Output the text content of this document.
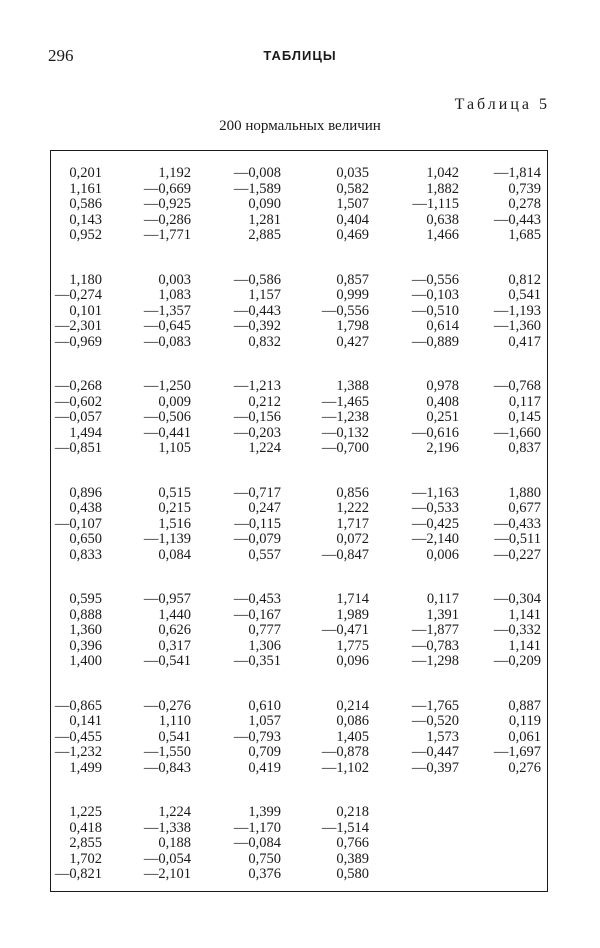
296	ТАБЛИЦЫ
Таблица 5
200 нормальных величин
0,201	1,192	—0,008	0,035	1,042	—1,814
1,161	—0,669	—1,589	0,582	1,882	0,739
0,586	—0,925	0,090	1,507	—1,115	0,278
0,143	—0,286	1,281	0,404	0,638	—0,443
0,952	—1,771	2,885	0,469	1,466	1,685
1,180	0,003	—0,586	0,857	—0,556	0,812
—0,274	1,083	1,157	0,999	—0,103	0,541
0,101	—1,357	—0,443	—0,556	—0,510	—1,193
—2,301	—0,645	—0,392	1,798	0,614	—1,360
—0,969	—0,083	0,832	0,427	—0,889	0,417
—0,268	—1,250	—1,213	1,388	0,978	—0,768
—0,602	0,009	0,212	—1,465	0,408	0,117
—0,057	—0,506	—0,156	—1,238	0,251	0,145
1,494	—0,441	—0,203	—0,132	—0,616	—1,660
—0,851	1,105	1,224	—0,700	2,196	0,837
0,896	0,515	—0,717	0,856	—1,163	1,880
0,438	0,215	0,247	1,222	—0,533	0,677
—0,107	1,516	—0,115	1,717	—0,425	—0,433
0,650	—1,139	—0,079	0,072	—2,140	—0,511
0,833	0,084	0,557	—0,847	0,006	—0,227
0,595	—0,957	—0,453	1,714	0,117	—0,304
0,888	1,440	—0,167	1,989	1,391	1,141
1,360	0,626	0,777	—0,471	—1,877	—0,332
0,396	0,317	1,306	1,775	—0,783	1,141
1,400	—0,541	—0,351	0,096	—1,298	—0,209
—0,865	—0,276	0,610	0,214	—1,765	0,887
0,141	1,110	1,057	0,086	—0,520	0,119
—0,455	0,541	—0,793	1,405	1,573	0,061
—1,232	—1,550	0,709	—0,878	—0,447	—1,697
1,499	—0,843	0,419	—1,102	—0,397	0,276
1,225	1,224	1,399	0,218
0,418	—1,338	—1,170	—1,514
2,855	0,188	—0,084	0,766
1,702	—0,054	0,750	0,389
—0,821	—2,101	0,376	0,580
